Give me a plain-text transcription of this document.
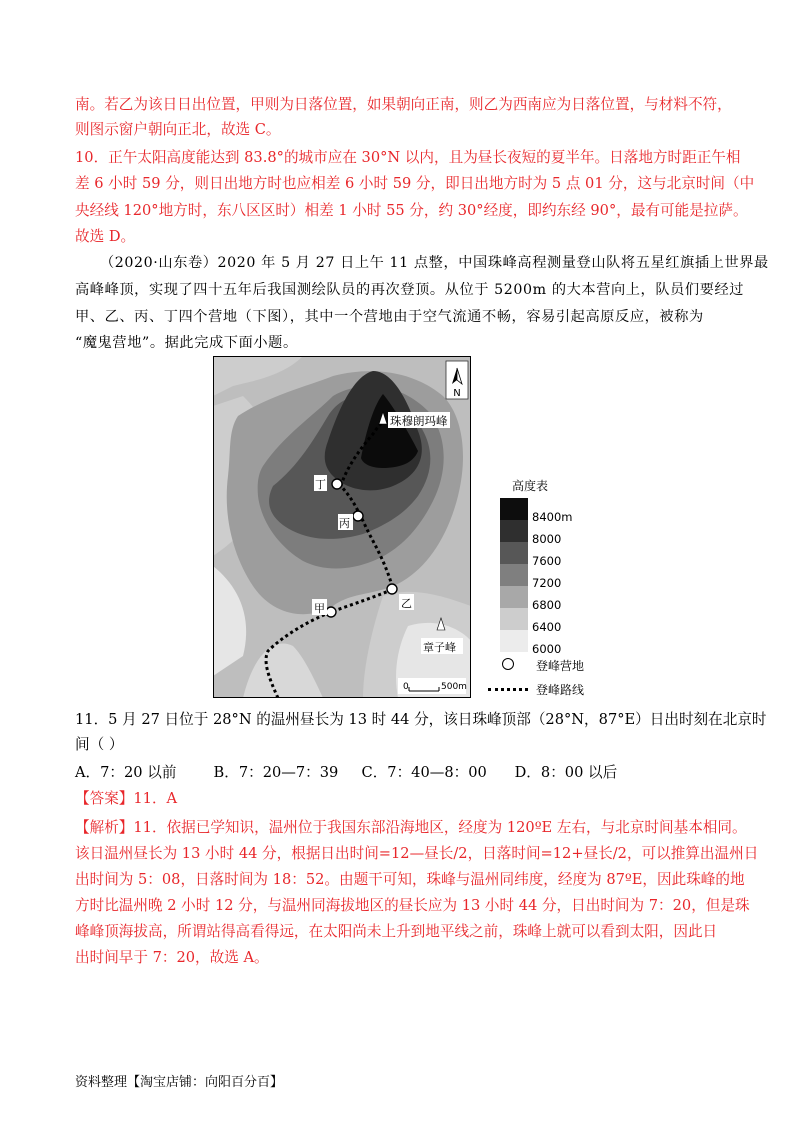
南。若乙为该日日出位置，甲则为日落位置，如果朝向正南，则乙为西南应为日落位置，与材料不符，
则图示窗户朝向正北，故选 C。
10．正午太阳高度能达到 83.8°的城市应在 30°N 以内，且为昼长夜短的夏半年。日落地方时距正午相
差 6 小时 59 分，则日出地方时也应相差 6 小时 59 分，即日出地方时为 5 点 01 分，这与北京时间（中
央经线 120°地方时，东八区区时）相差 1 小时 55 分，约 30°经度，即约东经 90°，最有可能是拉萨。
故选 D。
（2020·山东卷）2020 年 5 月 27 日上午 11 点整，中国珠峰高程测量登山队将五星红旗插上世界最
高峰峰顶，实现了四十五年后我国测绘队员的再次登顶。从位于 5200m 的大本营向上，队员们要经过
甲、乙、丙、丁四个营地（下图），其中一个营地由于空气流通不畅，容易引起高原反应，被称为
“魔鬼营地”。据此完成下面小题。
N
珠穆朗玛峰
丁
丙
乙
甲
章子峰
0	500m
高度表
8400m
8000
7600
7200
6800
6400
6000
登峰营地
登峰路线
11．5 月 27 日位于 28°N 的温州昼长为 13 时 44 分，该日珠峰顶部（28°N，87°E）日出时刻在北京时
间（ ）
A．7：20 以前        B．7：20—7：39     C．7：40—8：00      D．8：00 以后
【答案】11．A
【解析】11．依据已学知识，温州位于我国东部沿海地区，经度为 120ºE 左右，与北京时间基本相同。
该日温州昼长为 13 小时 44 分，根据日出时间=12—昼长/2，日落时间=12+昼长/2，可以推算出温州日
出时间为 5：08，日落时间为 18：52。由题干可知，珠峰与温州同纬度，经度为 87ºE，因此珠峰的地
方时比温州晚 2 小时 12 分，与温州同海拔地区的昼长应为 13 小时 44 分，日出时间为 7：20，但是珠
峰峰顶海拔高，所谓站得高看得远，在太阳尚未上升到地平线之前，珠峰上就可以看到太阳，因此日
出时间早于 7：20，故选 A。
资料整理【淘宝店铺：向阳百分百】
